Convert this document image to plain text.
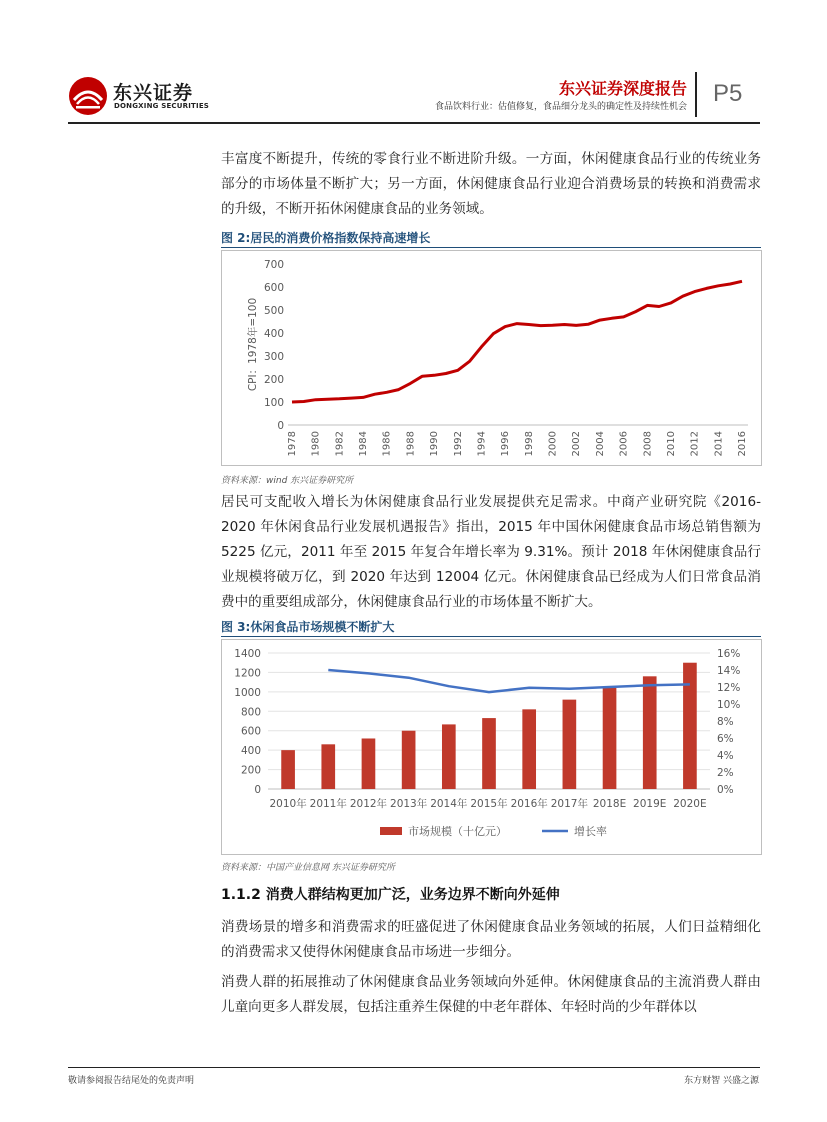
东兴证券
DONGXING SECURITIES
东兴证券深度报告
食品饮料行业：估值修复，食品细分龙头的确定性及持续性机会 P5
丰富度不断提升，传统的零食行业不断进阶升级。一方面，休闲健康食品行业的传统业务部分的市场体量不断扩大；另一方面，休闲健康食品行业迎合消费场景的转换和消费需求的升级，不断开拓休闲健康食品的业务领域。
图 2:居民的消费价格指数保持高速增长
0
100
200
300
400
500
600
700
1978 1980 1982 1984 1986 1988 1990 1992 1994 1996 1998 2000 2002 2004 2006 2008 2010 2012 2014 2016
CPI：1978年=100
资料来源：wind 东兴证券研究所
居民可支配收入增长为休闲健康食品行业发展提供充足需求。中商产业研究院《2016-2020 年休闲食品行业发展机遇报告》指出，2015 年中国休闲健康食品市场总销售额为 5225 亿元，2011 年至 2015 年复合年增长率为 9.31%。预计 2018 年休闲健康食品行业规模将破万亿，到 2020 年达到 12004 亿元。休闲健康食品已经成为人们日常食品消费中的重要组成部分，休闲健康食品行业的市场体量不断扩大。
图 3:休闲食品市场规模不断扩大
0
200
400
600
800
1000
1200
1400
0%
2%
4%
6%
8%
10%
12%
14%
16%
2010年 2011年 2012年 2013年 2014年 2015年 2016年 2017年 2018E 2019E 2020E
市场规模（十亿元）	增长率
资料来源：中国产业信息网 东兴证券研究所
1.1.2 消费人群结构更加广泛，业务边界不断向外延伸
消费场景的增多和消费需求的旺盛促进了休闲健康食品业务领域的拓展，人们日益精细化的消费需求又使得休闲健康食品市场进一步细分。
消费人群的拓展推动了休闲健康食品业务领域向外延伸。休闲健康食品的主流消费人群由儿童向更多人群发展，包括注重养生保健的中老年群体、年轻时尚的少年群体以
敬请参阅报告结尾处的免责声明	东方财智 兴盛之源
